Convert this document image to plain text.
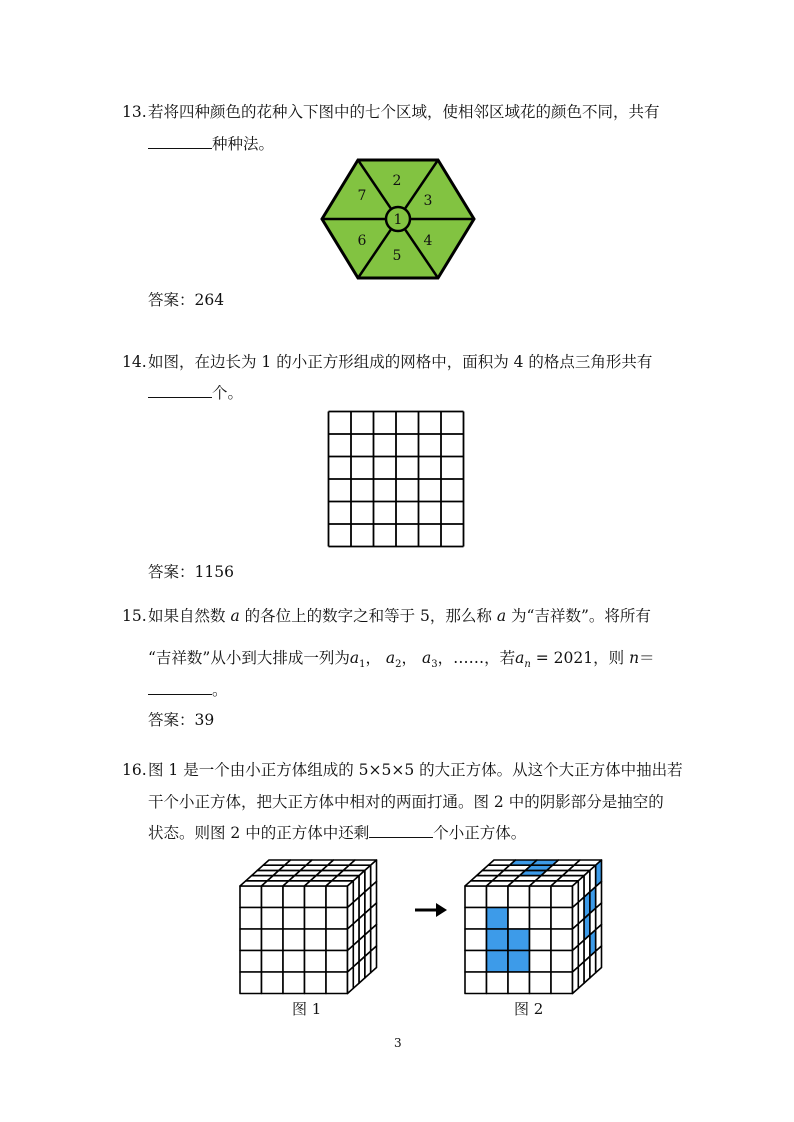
13. 若将四种颜色的花种入下图中的七个区域，使相邻区域花的颜色不同，共有
种种法。
1
2
3
4
5
6
7
答案：264
14. 如图，在边长为 1 的小正方形组成的网格中，面积为 4 的格点三角形共有
个。
答案：1156
15. 如果自然数 a 的各位上的数字之和等于 5，那么称 a 为“吉祥数”。将所有
“吉祥数”从小到大排成一列为$a_1$， $a_2$， $a_3$，……，若$a_n = 2021$，则 n＝
。
答案：39
16. 图 1 是一个由小正方体组成的 5×5×5 的大正方体。从这个大正方体中抽出若
干个小正方体，把大正方体中相对的两面打通。图 2 中的阴影部分是抽空的
状态。则图 2 中的正方体中还剩	个小正方体。
图 1	图 2
3
